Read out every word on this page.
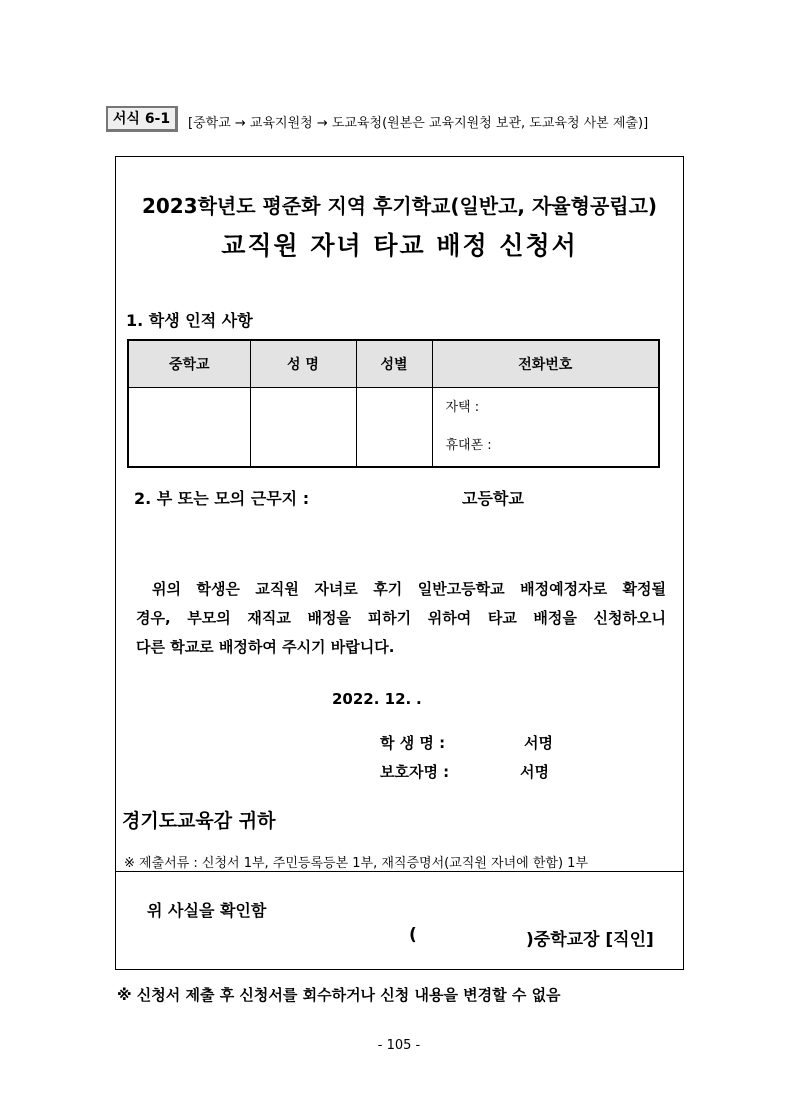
서식 6-1	[중학교 → 교육지원청 → 도교육청(원본은 교육지원청 보관, 도교육청 사본 제출)]
2023학년도 평준화 지역 후기학교(일반고, 자율형공립고)
교직원 자녀 타교 배정 신청서
1. 학생 인적 사항
중학교	성 명	성별	전화번호

			자택 :
휴대폰 :
2. 부 또는 모의 근무지 :	고등학교
위의 학생은 교직원 자녀로 후기 일반고등학교 배정예정자로 확정될
경우, 부모의 재직교 배정을 피하기 위하여 타교 배정을 신청하오니
다른 학교로 배정하여 주시기 바랍니다.
2022. 12. .
학 생 명 :	서명
보호자명 :	서명
경기도교육감 귀하
※ 제출서류 : 신청서 1부, 주민등록등본 1부, 재직증명서(교직원 자녀에 한함) 1부
위 사실을 확인함
(	)중학교장 [직인]
※ 신청서 제출 후 신청서를 회수하거나 신청 내용을 변경할 수 없음
- 105 -
